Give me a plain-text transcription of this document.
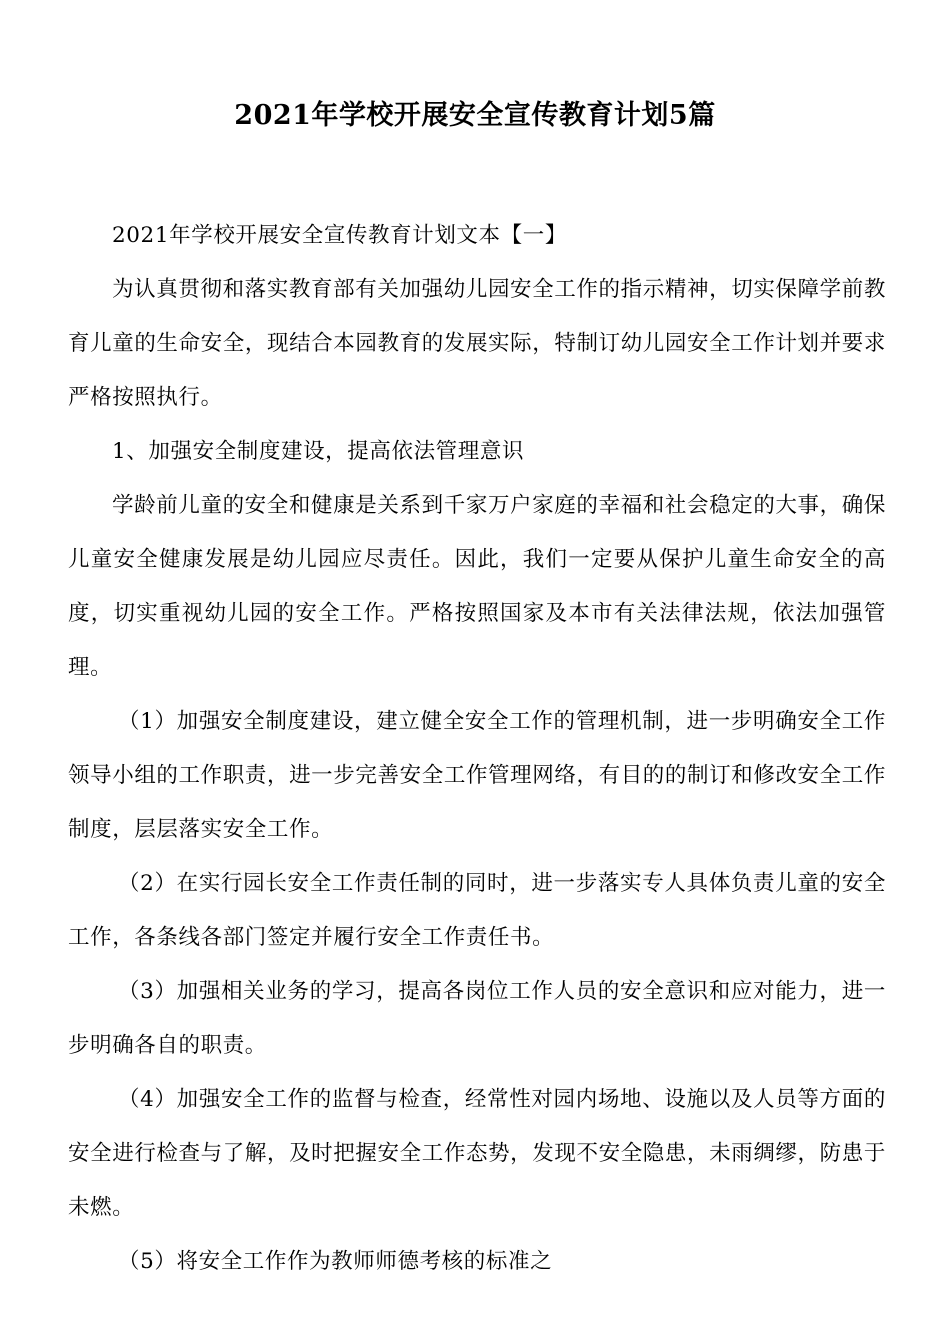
2021年学校开展安全宣传教育计划5篇

2021年学校开展安全宣传教育计划文本【一】

为认真贯彻和落实教育部有关加强幼儿园安全工作的指示精神，切实保障学前教育儿童的生命安全，现结合本园教育的发展实际，特制订幼儿园安全工作计划并要求严格按照执行。

1、加强安全制度建设，提高依法管理意识

学龄前儿童的安全和健康是关系到千家万户家庭的幸福和社会稳定的大事，确保儿童安全健康发展是幼儿园应尽责任。因此，我们一定要从保护儿童生命安全的高度，切实重视幼儿园的安全工作。严格按照国家及本市有关法律法规，依法加强管理。

（1）加强安全制度建设，建立健全安全工作的管理机制，进一步明确安全工作领导小组的工作职责，进一步完善安全工作管理网络，有目的的制订和修改安全工作制度，层层落实安全工作。

（2）在实行园长安全工作责任制的同时，进一步落实专人具体负责儿童的安全工作，各条线各部门签定并履行安全工作责任书。

（3）加强相关业务的学习，提高各岗位工作人员的安全意识和应对能力，进一步明确各自的职责。

（4）加强安全工作的监督与检查，经常性对园内场地、设施以及人员等方面的安全进行检查与了解，及时把握安全工作态势，发现不安全隐患，未雨绸缪，防患于未燃。

（5）将安全工作作为教师师德考核的标准之
